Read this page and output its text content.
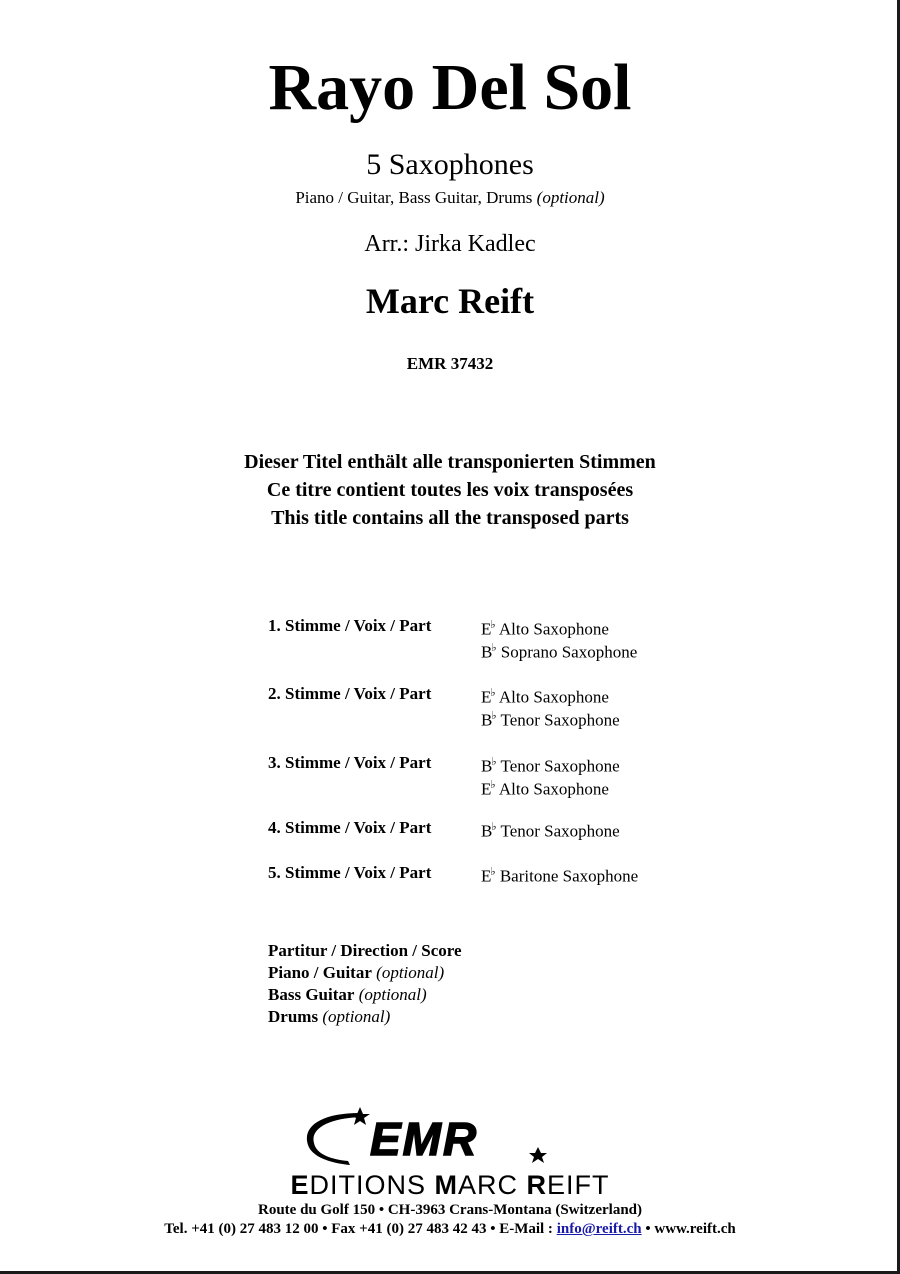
Rayo Del Sol
5 Saxophones
Piano / Guitar, Bass Guitar, Drums (optional)
Arr.: Jirka Kadlec
Marc Reift
EMR 37432
Dieser Titel enthält alle transponierten Stimmen
Ce titre contient toutes les voix transposées
This title contains all the transposed parts
1. Stimme / Voix / Part	E♭ Alto Saxophone
B♭ Soprano Saxophone
2. Stimme / Voix / Part	E♭ Alto Saxophone
B♭ Tenor Saxophone
3. Stimme / Voix / Part	B♭ Tenor Saxophone
E♭ Alto Saxophone
4. Stimme / Voix / Part	B♭ Tenor Saxophone
5. Stimme / Voix / Part	E♭ Baritone Saxophone
Partitur / Direction / Score
Piano / Guitar (optional)
Bass Guitar (optional)
Drums (optional)
EMR
EDITIONS MARC REIFT
Route du Golf 150 • CH-3963 Crans-Montana (Switzerland)
Tel. +41 (0) 27 483 12 00 • Fax +41 (0) 27 483 42 43 • E-Mail : info@reift.ch • www.reift.ch
